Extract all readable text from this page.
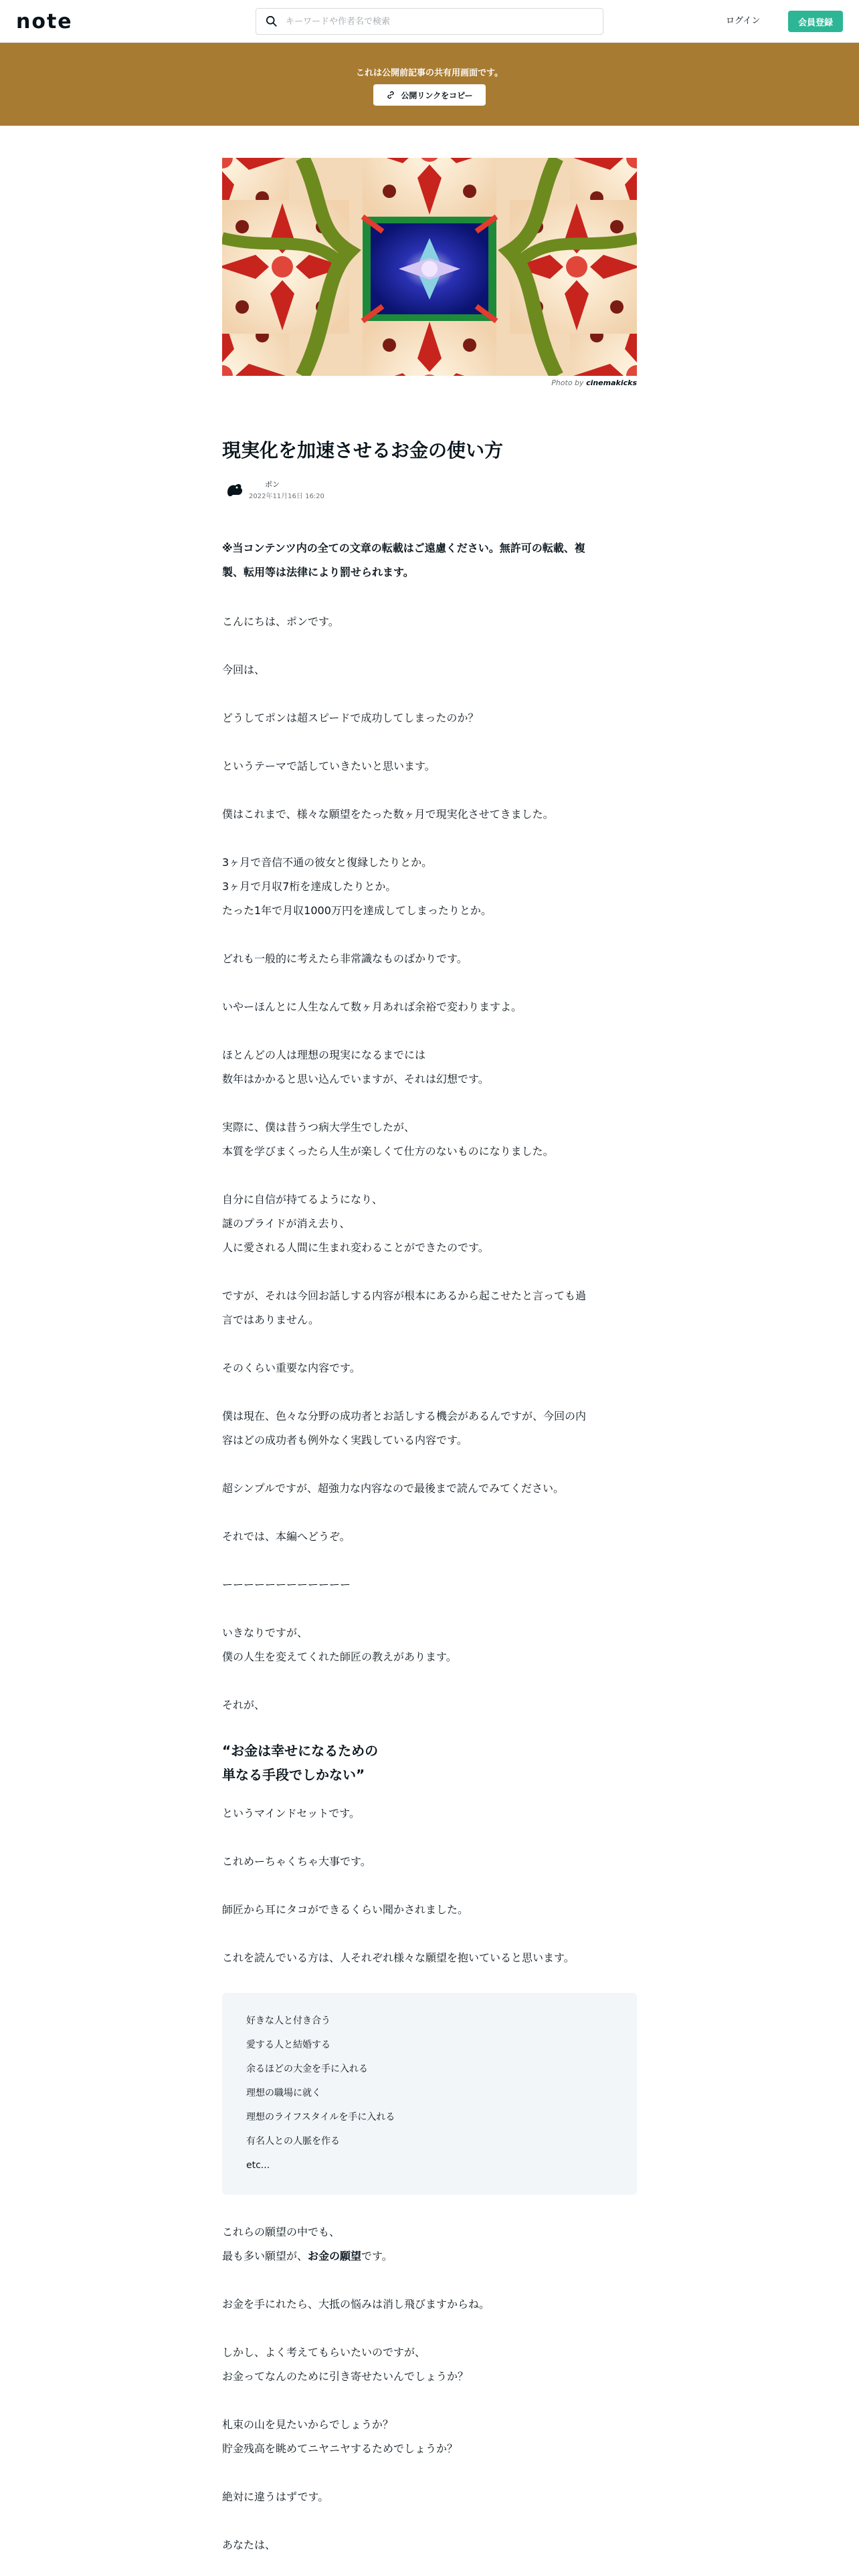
note
キーワードや作者名で検索	ログイン	会員登録
これは公開前記事の共有用画面です。
公開リンクをコピー
Photo by cinemakicks
現実化を加速させるお金の使い方
ポン
2022年11月16日 16:20
※当コンテンツ内の全ての文章の転載はご遠慮ください。無許可の転載、複
製、転用等は法律により罰せられます。
こんにちは、ポンです。
今回は、
どうしてポンは超スピードで成功してしまったのか？
というテーマで話していきたいと思います。
僕はこれまで、様々な願望をたった数ヶ月で現実化させてきました。
3ヶ月で音信不通の彼女と復縁したりとか。
3ヶ月で月収7桁を達成したりとか。
たった1年で月収1000万円を達成してしまったりとか。
どれも一般的に考えたら非常識なものばかりです。
いやーほんとに人生なんて数ヶ月あれば余裕で変わりますよ。
ほとんどの人は理想の現実になるまでには
数年はかかると思い込んでいますが、それは幻想です。
実際に、僕は昔うつ病大学生でしたが、
本質を学びまくったら人生が楽しくて仕方のないものになりました。
自分に自信が持てるようになり、
謎のプライドが消え去り、
人に愛される人間に生まれ変わることができたのです。
ですが、それは今回お話しする内容が根本にあるから起こせたと言っても過
言ではありません。
そのくらい重要な内容です。
僕は現在、色々な分野の成功者とお話しする機会があるんですが、今回の内
容はどの成功者も例外なく実践している内容です。
超シンプルですが、超強力な内容なので最後まで読んでみてください。
それでは、本編へどうぞ。
ーーーーーーーーーーーー
いきなりですが、
僕の人生を変えてくれた師匠の教えがあります。
それが、
“お金は幸せになるための
単なる手段でしかない”
というマインドセットです。
これめーちゃくちゃ大事です。
師匠から耳にタコができるくらい聞かされました。
これを読んでいる方は、人それぞれ様々な願望を抱いていると思います。
好きな人と付き合う
愛する人と結婚する
余るほどの大金を手に入れる
理想の職場に就く
理想のライフスタイルを手に入れる
有名人との人脈を作る
etc...
これらの願望の中でも、
最も多い願望が、お金の願望です。
お金を手にれたら、大抵の悩みは消し飛びますからね。
しかし、よく考えてもらいたいのですが、
お金ってなんのために引き寄せたいんでしょうか？
札束の山を見たいからでしょうか？
貯金残高を眺めてニヤニヤするためでしょうか？
絶対に違うはずです。
あなたは、
